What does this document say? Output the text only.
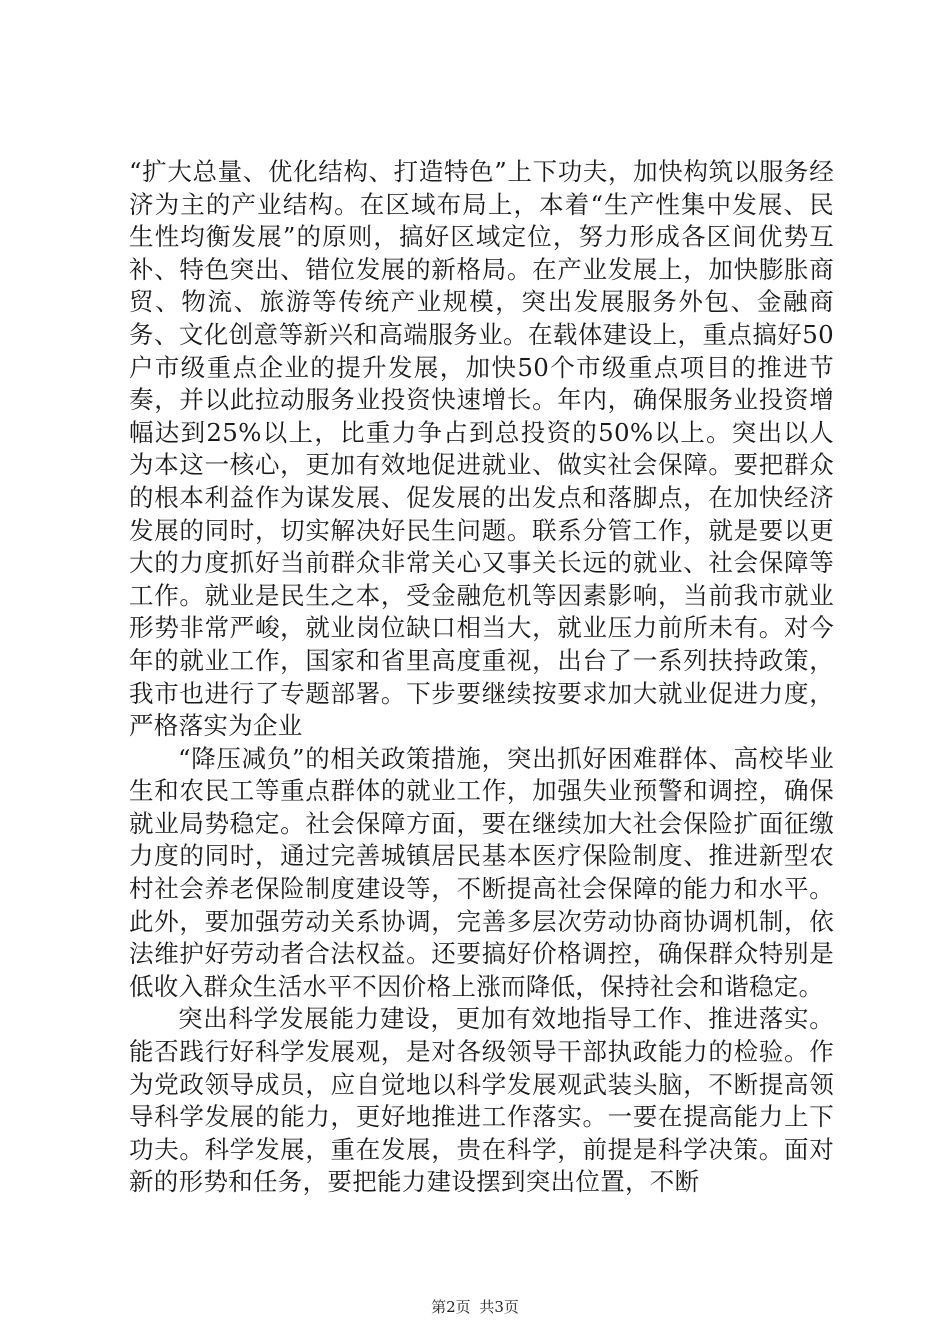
“扩大总量、优化结构、打造特色”上下功夫，加快构筑以服务经济为主的产业结构。在区域布局上，本着“生产性集中发展、民生性均衡发展”的原则，搞好区域定位，努力形成各区间优势互补、特色突出、错位发展的新格局。在产业发展上，加快膨胀商贸、物流、旅游等传统产业规模，突出发展服务外包、金融商务、文化创意等新兴和高端服务业。在载体建设上，重点搞好50户市级重点企业的提升发展，加快50个市级重点项目的推进节奏，并以此拉动服务业投资快速增长。年内，确保服务业投资增幅达到25%以上，比重力争占到总投资的50%以上。突出以人为本这一核心，更加有效地促进就业、做实社会保障。要把群众的根本利益作为谋发展、促发展的出发点和落脚点，在加快经济发展的同时，切实解决好民生问题。联系分管工作，就是要以更大的力度抓好当前群众非常关心又事关长远的就业、社会保障等工作。就业是民生之本，受金融危机等因素影响，当前我市就业形势非常严峻，就业岗位缺口相当大，就业压力前所未有。对今年的就业工作，国家和省里高度重视，出台了一系列扶持政策，我市也进行了专题部署。下步要继续按要求加大就业促进力度，严格落实为企业

“降压减负”的相关政策措施，突出抓好困难群体、高校毕业生和农民工等重点群体的就业工作，加强失业预警和调控，确保就业局势稳定。社会保障方面，要在继续加大社会保险扩面征缴力度的同时，通过完善城镇居民基本医疗保险制度、推进新型农村社会养老保险制度建设等，不断提高社会保障的能力和水平。此外，要加强劳动关系协调，完善多层次劳动协商协调机制，依法维护好劳动者合法权益。还要搞好价格调控，确保群众特别是低收入群众生活水平不因价格上涨而降低，保持社会和谐稳定。

突出科学发展能力建设，更加有效地指导工作、推进落实。能否践行好科学发展观，是对各级领导干部执政能力的检验。作为党政领导成员，应自觉地以科学发展观武装头脑，不断提高领导科学发展的能力，更好地推进工作落实。一要在提高能力上下功夫。科学发展，重在发展，贵在科学，前提是科学决策。面对新的形势和任务，要把能力建设摆到突出位置，不断

第2页 共3页
